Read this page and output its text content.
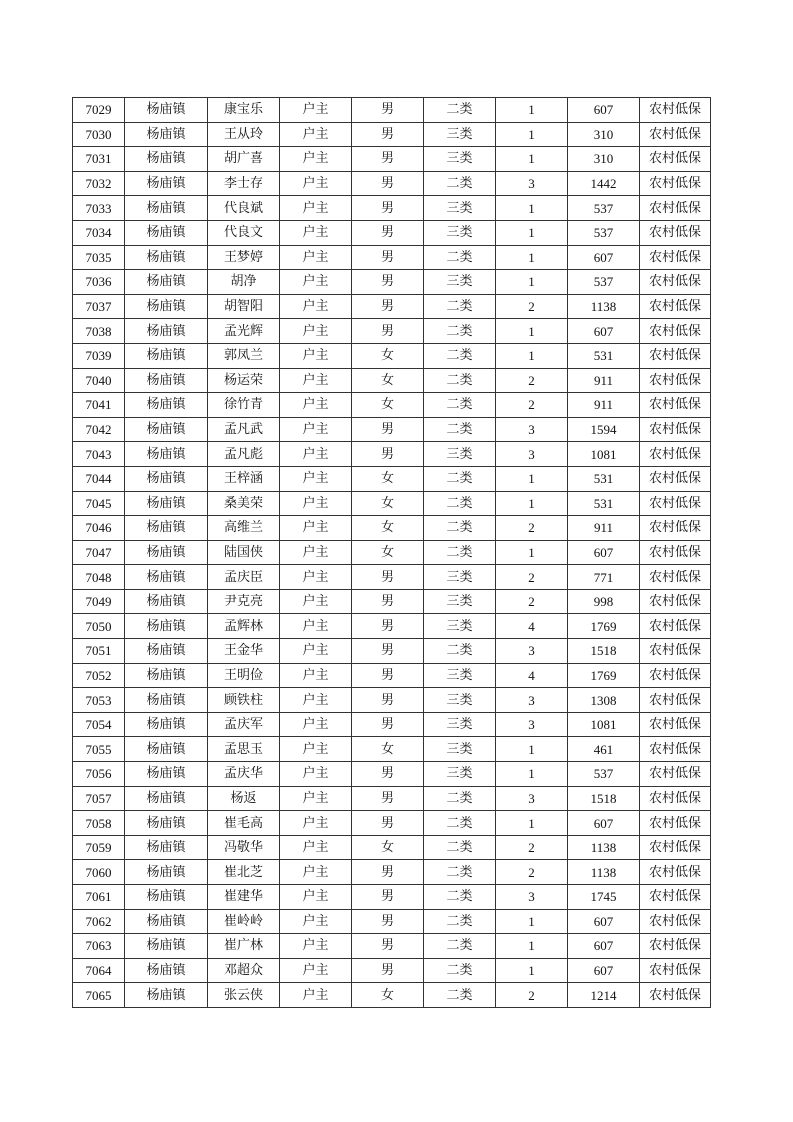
7029	杨庙镇	康宝乐	户主	男	二类	1	607	农村低保
7030	杨庙镇	王从玲	户主	男	三类	1	310	农村低保
7031	杨庙镇	胡广喜	户主	男	三类	1	310	农村低保
7032	杨庙镇	李士存	户主	男	二类	3	1442	农村低保
7033	杨庙镇	代良斌	户主	男	三类	1	537	农村低保
7034	杨庙镇	代良文	户主	男	三类	1	537	农村低保
7035	杨庙镇	王梦婷	户主	男	二类	1	607	农村低保
7036	杨庙镇	胡净	户主	男	三类	1	537	农村低保
7037	杨庙镇	胡智阳	户主	男	二类	2	1138	农村低保
7038	杨庙镇	孟光辉	户主	男	二类	1	607	农村低保
7039	杨庙镇	郭凤兰	户主	女	二类	1	531	农村低保
7040	杨庙镇	杨运荣	户主	女	二类	2	911	农村低保
7041	杨庙镇	徐竹青	户主	女	二类	2	911	农村低保
7042	杨庙镇	孟凡武	户主	男	二类	3	1594	农村低保
7043	杨庙镇	孟凡彪	户主	男	三类	3	1081	农村低保
7044	杨庙镇	王梓涵	户主	女	二类	1	531	农村低保
7045	杨庙镇	桑美荣	户主	女	二类	1	531	农村低保
7046	杨庙镇	高维兰	户主	女	二类	2	911	农村低保
7047	杨庙镇	陆国侠	户主	女	二类	1	607	农村低保
7048	杨庙镇	孟庆臣	户主	男	三类	2	771	农村低保
7049	杨庙镇	尹克亮	户主	男	三类	2	998	农村低保
7050	杨庙镇	孟辉林	户主	男	三类	4	1769	农村低保
7051	杨庙镇	王金华	户主	男	二类	3	1518	农村低保
7052	杨庙镇	王明俭	户主	男	三类	4	1769	农村低保
7053	杨庙镇	顾铁柱	户主	男	三类	3	1308	农村低保
7054	杨庙镇	孟庆军	户主	男	三类	3	1081	农村低保
7055	杨庙镇	孟思玉	户主	女	三类	1	461	农村低保
7056	杨庙镇	孟庆华	户主	男	三类	1	537	农村低保
7057	杨庙镇	杨返	户主	男	二类	3	1518	农村低保
7058	杨庙镇	崔毛高	户主	男	二类	1	607	农村低保
7059	杨庙镇	冯敬华	户主	女	二类	2	1138	农村低保
7060	杨庙镇	崔北芝	户主	男	二类	2	1138	农村低保
7061	杨庙镇	崔建华	户主	男	二类	3	1745	农村低保
7062	杨庙镇	崔岭岭	户主	男	二类	1	607	农村低保
7063	杨庙镇	崔广林	户主	男	二类	1	607	农村低保
7064	杨庙镇	邓超众	户主	男	二类	1	607	农村低保
7065	杨庙镇	张云侠	户主	女	二类	2	1214	农村低保
